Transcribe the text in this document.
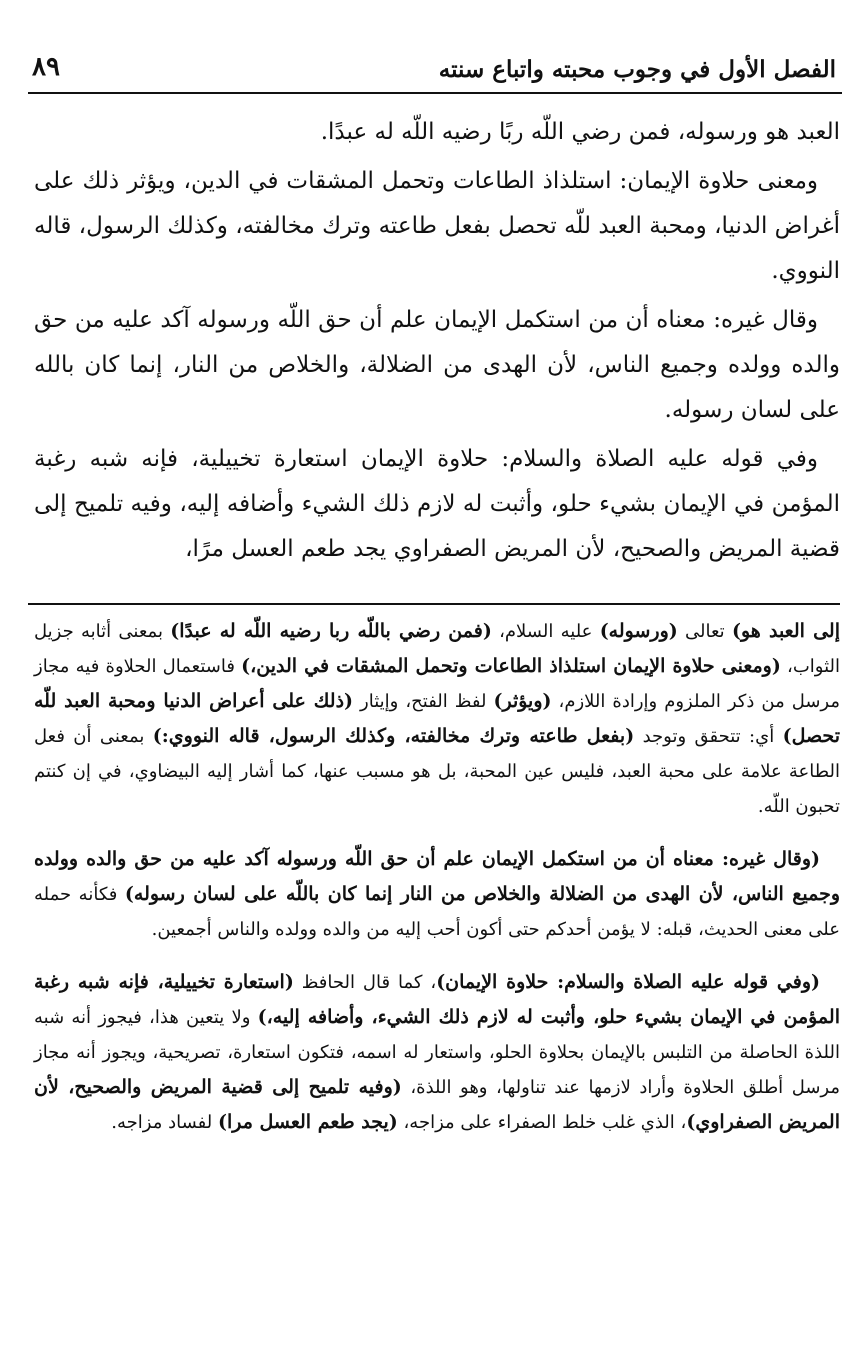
الفصل الأول في وجوب محبته واتباع سنته
٨٩

العبد هو ورسوله، فمن رضي اللّه ربًا رضيه اللّه له عبدًا.

ومعنى حلاوة الإيمان: استلذاذ الطاعات وتحمل المشقات في الدين، ويؤثر ذلك على أغراض الدنيا، ومحبة العبد للّه تحصل بفعل طاعته وترك مخالفته، وكذلك الرسول، قاله النووي.

وقال غيره: معناه أن من استكمل الإيمان علم أن حق اللّه ورسوله آكد عليه من حق والده وولده وجميع الناس، لأن الهدى من الضلالة، والخلاص من النار، إنما كان بالله على لسان رسوله.

وفي قوله عليه الصلاة والسلام: حلاوة الإيمان استعارة تخييلية، فإنه شبه رغبة المؤمن في الإيمان بشيء حلو، وأثبت له لازم ذلك الشيء وأضافه إليه، وفيه تلميح إلى قضية المريض والصحيح، لأن المريض الصفراوي يجد طعم العسل مرًا،

إلى العبد هو) تعالى (ورسوله) عليه السلام، (فمن رضي باللّه ربا رضيه اللّه له عبدًا) بمعنى أثابه جزيل الثواب، (ومعنى حلاوة الإيمان استلذاذ الطاعات وتحمل المشقات في الدين،) فاستعمال الحلاوة فيه مجاز مرسل من ذكر الملزوم وإرادة اللازم، (ويؤثر) لفظ الفتح، وإيثار (ذلك على أعراض الدنيا ومحبة العبد للّه تحصل) أي: تتحقق وتوجد (بفعل طاعته وترك مخالفته، وكذلك الرسول، قاله النووي:) بمعنى أن فعل الطاعة علامة على محبة العبد، فليس عين المحبة، بل هو مسبب عنها، كما أشار إليه البيضاوي، في إن كنتم تحبون اللّه.

(وقال غيره: معناه أن من استكمل الإيمان علم أن حق اللّه ورسوله آكد عليه من حق والده وولده وجميع الناس، لأن الهدى من الضلالة والخلاص من النار إنما كان باللّه على لسان رسوله) فكأنه حمله على معنى الحديث، قبله: لا يؤمن أحدكم حتى أكون أحب إليه من والده وولده والناس أجمعين.

(وفي قوله عليه الصلاة والسلام: حلاوة الإيمان)، كما قال الحافظ (استعارة تخييلية، فإنه شبه رغبة المؤمن في الإيمان بشيء حلو، وأثبت له لازم ذلك الشيء، وأضافه إليه،) ولا يتعين هذا، فيجوز أنه شبه اللذة الحاصلة من التلبس بالإيمان بحلاوة الحلو، واستعار له اسمه، فتكون استعارة، تصريحية، ويجوز أنه مجاز مرسل أطلق الحلاوة وأراد لازمها عند تناولها، وهو اللذة، (وفيه تلميح إلى قضية المريض والصحيح، لأن المريض الصفراوي)، الذي غلب خلط الصفراء على مزاجه، (يجد طعم العسل مرا) لفساد مزاجه.
